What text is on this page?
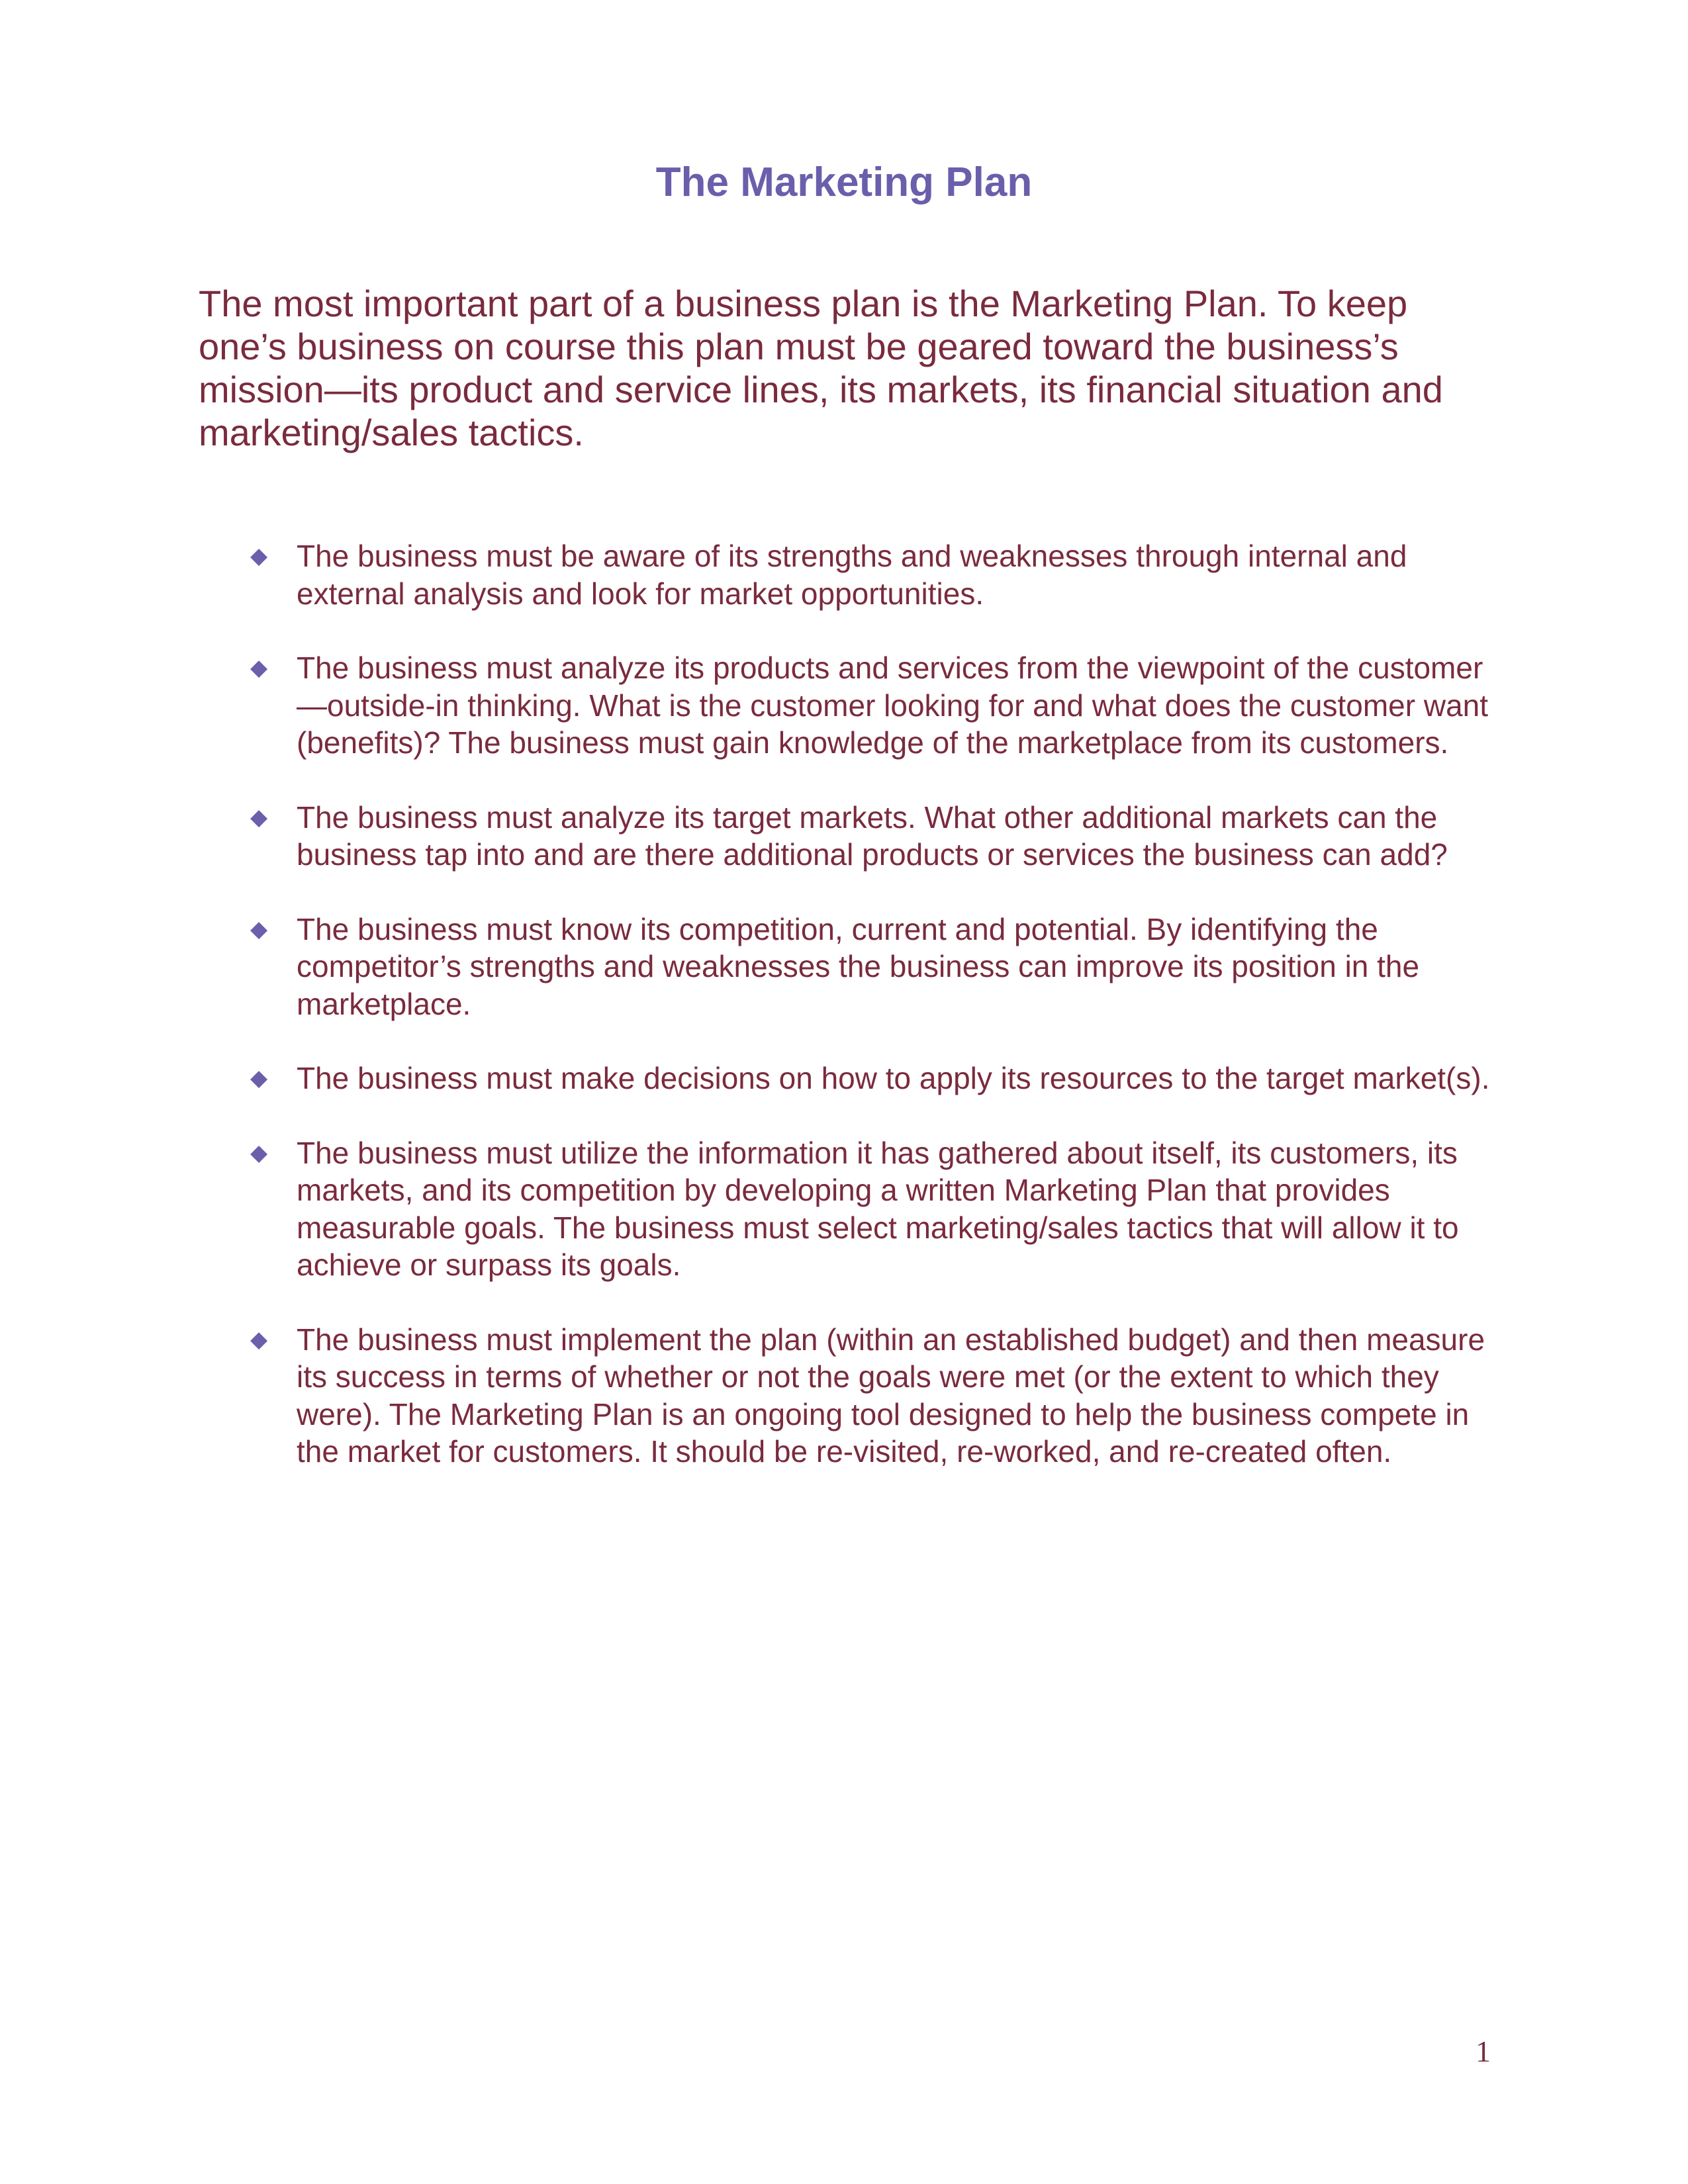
The Marketing Plan

The most important part of a business plan is the Marketing Plan. To keep one’s business on course this plan must be geared toward the business’s mission—its product and service lines, its markets, its financial situation and marketing/sales tactics.

◆ The business must be aware of its strengths and weaknesses through internal and external analysis and look for market opportunities.
◆ The business must analyze its products and services from the viewpoint of the customer—outside-in thinking. What is the customer looking for and what does the customer want (benefits)? The business must gain knowledge of the marketplace from its customers.
◆ The business must analyze its target markets. What other additional markets can the business tap into and are there additional products or services the business can add?
◆ The business must know its competition, current and potential. By identifying the competitor’s strengths and weaknesses the business can improve its position in the marketplace.
◆ The business must make decisions on how to apply its resources to the target market(s).
◆ The business must utilize the information it has gathered about itself, its customers, its markets, and its competition by developing a written Marketing Plan that provides measurable goals. The business must select marketing/sales tactics that will allow it to achieve or surpass its goals.
◆ The business must implement the plan (within an established budget) and then measure its success in terms of whether or not the goals were met (or the extent to which they were). The Marketing Plan is an ongoing tool designed to help the business compete in the market for customers. It should be re-visited, re-worked, and re-created often.
1
